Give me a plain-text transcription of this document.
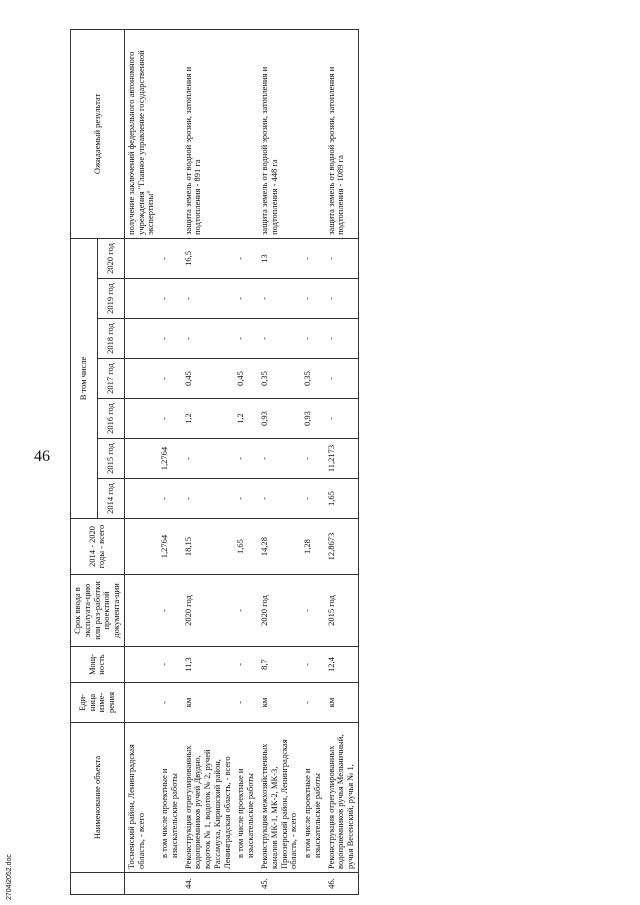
46
	Наименование объекта	Еди-ница изме-рения	Мощ-ность	Срок ввода в эксплуата-цию или раз-работки проектной документа-ции	2014 - 2020 годы - всего	В том числе							Ожидаемый результат
						2014 год	2015 год	2016 год	2017 год	2018 год	2019 год	2020 год	
	Тосненский район, Ленинградская область, - всего												получение заключений федерального автономного учреждения "Главное управление государственной экспертизы"
	в том числе проектные и изыскательские работы	-	-	-	1,2764	-	1,2764	-	-	-	-	-	
44.	Реконструкция отрегулированных водоприемников ручей Двудно, водоток № 1, водоток № 2, ручей Рассамуха, Киришский район, Ленинградская область, - всего	км	11,3	2020 год	18,15	-	-	1,2	0,45	-	-	16,5	защита земель от водной эрозии, затопления и подтопления - 891 га
	в том числе проектные и изыскательские работы	-	-	-	1,65	-	-	1,2	0,45	-	-	-	
45.	Реконструкция межхозяйственных каналов МК-1, МК-2, МК-3, Приозерский район, Ленинградская область, - всего	км	8,7	2020 год	14,28	-	-	0,93	0,35	-	-	13	защита земель от водной эрозии, затопления и подтопления - 448 га
	в том числе проектные и изыскательские работы	-	-	-	1,28	-	-	0,93	0,35	-	-	-	
46.	Реконструкция отрегулированных водоприемников ручья Мельничный, ручья Весенский, ручья № 1,	км	12,4	2015 год	12,8673	1,65	11,2173	-	-	-	-	-	защита земель от водной эрозии, затопления и подтопления - 1089 га
2704i2052.doc
